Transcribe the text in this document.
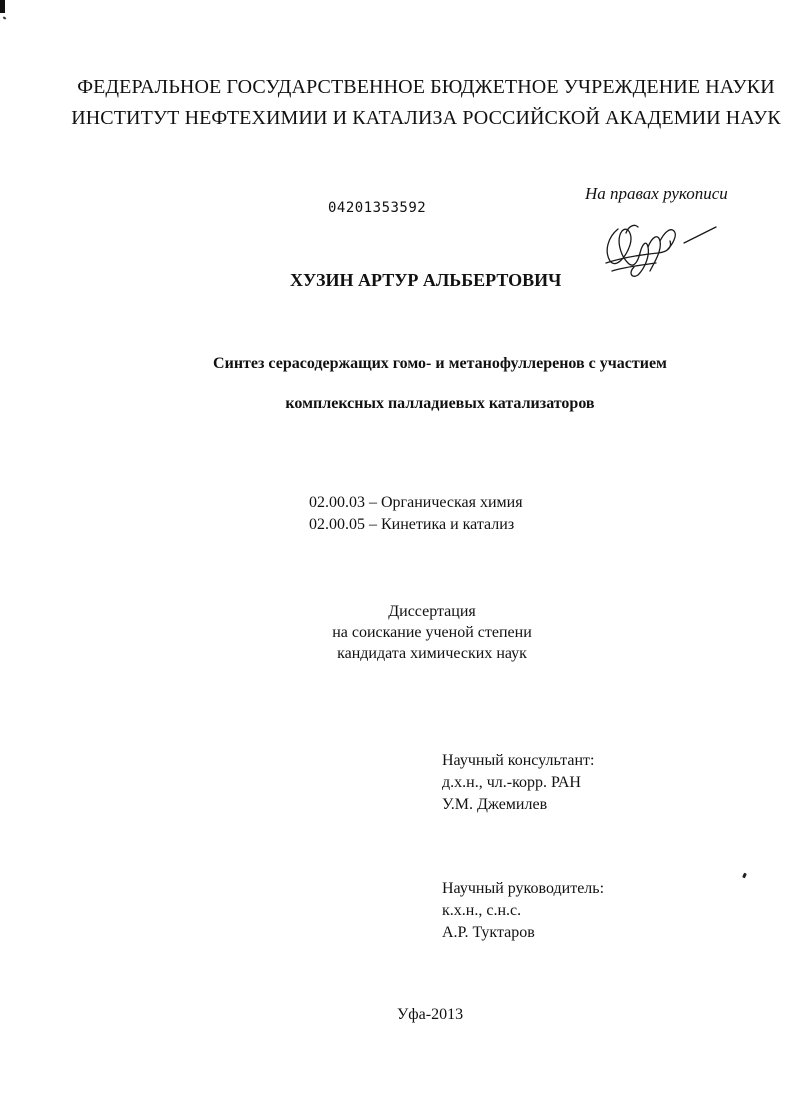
ФЕДЕРАЛЬНОЕ ГОСУДАРСТВЕННОЕ БЮДЖЕТНОЕ УЧРЕЖДЕНИЕ НАУКИ
ИНСТИТУТ НЕФТЕХИМИИ И КАТАЛИЗА РОССИЙСКОЙ АКАДЕМИИ НАУК
04201353592
На правах рукописи
ХУЗИН АРТУР АЛЬБЕРТОВИЧ
Синтез серасодержащих гомо- и метанофуллеренов с участием
комплексных палладиевых катализаторов
02.00.03 – Органическая химия
02.00.05 – Кинетика и катализ
Диссертация
на соискание ученой степени
кандидата химических наук
Научный консультант:
д.х.н., чл.-корр. РАН
У.М. Джемилев
Научный руководитель:
к.х.н., с.н.с.
А.Р. Туктаров
Уфа-2013
